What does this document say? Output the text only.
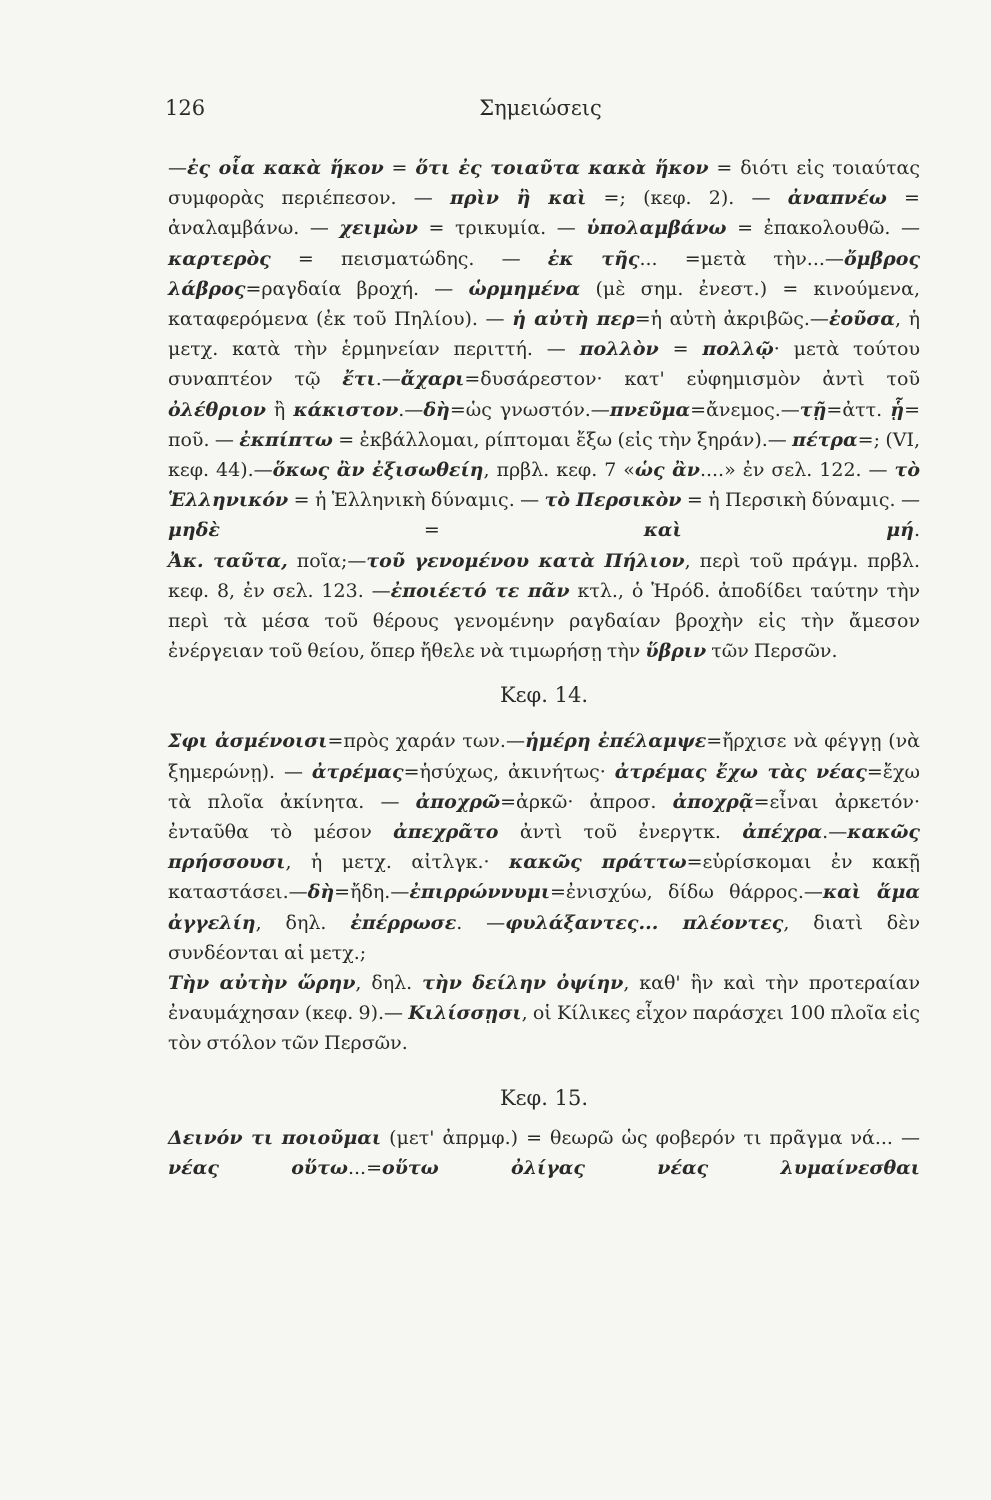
126	Σημειώσεις

—ἐς οἷα κακὰ ἥκον = ὅτι ἐς τοιαῦτα κακὰ ἥκον = διότι εἰς τοιαύτας συμφορὰς περιέπεσον. — πρὶν ἢ καὶ =; (κεφ. 2). — ἀναπνέω = ἀναλαμβάνω. — χειμὼν = τρικυμία. — ὑπολαμβάνω = ἐπακολουθῶ. —καρτερὸς = πεισματώδης. — ἐκ τῆς... =μετὰ τὴν...—ὄμβρος λάβρος=ραγδαία βροχή. — ὡρμημένα (μὲ σημ. ἐνεστ.) = κινούμενα, καταφερόμενα (ἐκ τοῦ Πηλίου). — ἡ αὐτὴ περ=ἡ αὐτὴ ἀκριβῶς.—ἐοῦσα, ἡ μετχ. κατὰ τὴν ἑρμηνείαν περιττή. — πολλὸν = πολλῷ· μετὰ τούτου συναπτέον τῷ ἔτι.—ἄχαρι=δυσάρεστον· κατ' εὐφημισμὸν ἀντὶ τοῦ ὀλέθριον ἢ κάκιστον.—δὴ=ὡς γνωστόν.—πνεῦμα=ἄνεμος.—τῇ=ἀττ. ᾗ= ποῦ. — ἐκπίπτω = ἐκβάλλομαι, ρίπτομαι ἔξω (εἰς τὴν ξηράν).— πέτρα=; (VI, κεφ. 44).—ὅκως ἂν ἐξισωθείη, πρβλ. κεφ. 7 «ὡς ἂν....» ἐν σελ. 122. — τὸ Ἑλληνικόν = ἡ Ἑλληνικὴ δύναμις. — τὸ Περσικὸν = ἡ Περσικὴ δύναμις. — μηδὲ = καὶ μή.

Ἀκ. ταῦτα, ποῖα;—τοῦ γενομένου κατὰ Πήλιον, περὶ τοῦ πράγμ. πρβλ. κεφ. 8, ἐν σελ. 123. —ἐποιέετό τε πᾶν κτλ., ὁ Ἡρόδ. ἀποδίδει ταύτην τὴν περὶ τὰ μέσα τοῦ θέρους γενομένην ραγδαίαν βροχὴν εἰς τὴν ἄμεσον ἐνέργειαν τοῦ θείου, ὅπερ ἤθελε νὰ τιμωρήσῃ τὴν ὕβριν τῶν Περσῶν.

Κεφ. 14.

Σφι ἀσμένοισι=πρὸς χαράν των.—ἡμέρη ἐπέλαμψε=ἤρχισε νὰ φέγγῃ (νὰ ξημερώνῃ). — ἀτρέμας=ἡσύχως, ἀκινήτως· ἀτρέμας ἔχω τὰς νέας=ἔχω τὰ πλοῖα ἀκίνητα. — ἀποχρῶ=ἀρκῶ· ἀπροσ. ἀποχρᾷ=εἶναι ἀρκετόν· ἐνταῦθα τὸ μέσον ἀπεχρᾶτο ἀντὶ τοῦ ἐνεργτκ. ἀπέχρα.—κακῶς πρήσσουσι, ἡ μετχ. αἰτλγκ.· κακῶς πράττω=εὑρίσκομαι ἐν κακῇ καταστάσει.—δὴ=ἤδη.—ἐπιρρώννυμι=ἐνισχύω, δίδω θάρρος.—καὶ ἅμα ἀγγελίη, δηλ. ἐπέρρωσε. —φυλάξαντες... πλέοντες, διατὶ δὲν συνδέονται αἱ μετχ.;

Τὴν αὐτὴν ὥρην, δηλ. τὴν δείλην ὀψίην, καθ' ἣν καὶ τὴν προτεραίαν ἐναυμάχησαν (κεφ. 9).— Κιλίσσῃσι, οἱ Κίλικες εἶχον παράσχει 100 πλοῖα εἰς τὸν στόλον τῶν Περσῶν.

Κεφ. 15.

Δεινόν τι ποιοῦμαι (μετ' ἀπρμφ.) = θεωρῶ ὡς φοβερόν τι πρᾶγμα νά... —νέας οὕτω...=οὕτω ὀλίγας νέας λυμαίνεσθαι
